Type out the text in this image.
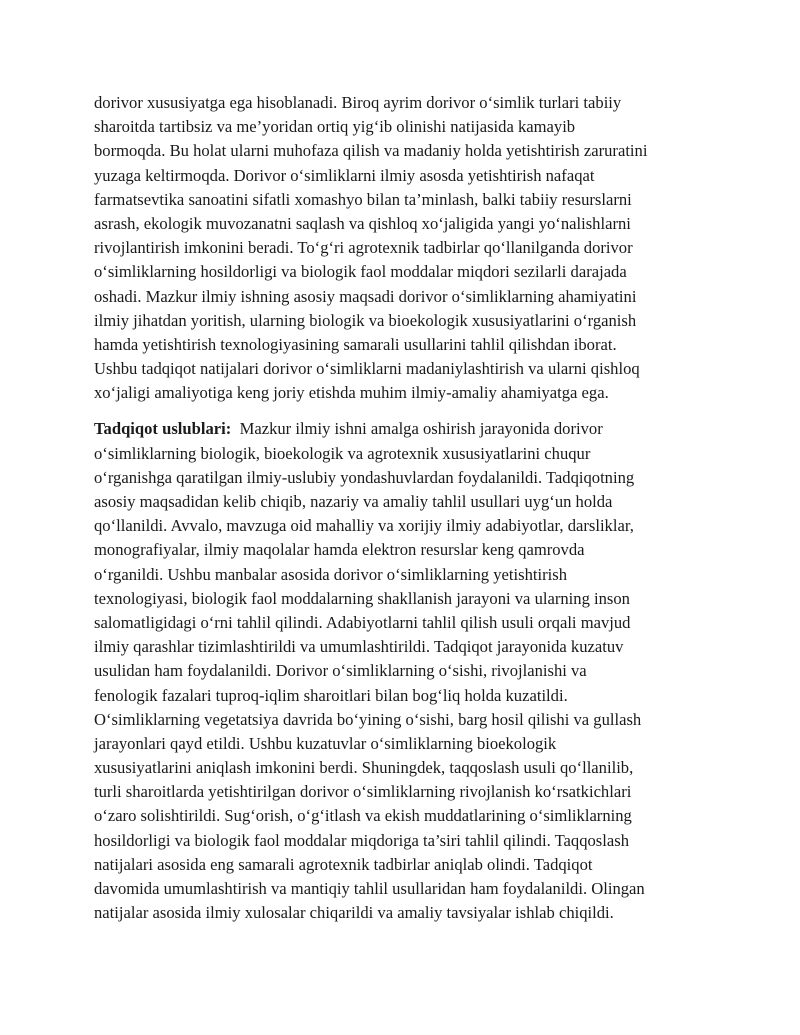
dorivor xususiyatga ega hisoblanadi. Biroq ayrim dorivor o‘simlik turlari tabiiy
sharoitda tartibsiz va me’yoridan ortiq yig‘ib olinishi natijasida kamayib
bormoqda. Bu holat ularni muhofaza qilish va madaniy holda yetishtirish zaruratini
yuzaga keltirmoqda. Dorivor o‘simliklarni ilmiy asosda yetishtirish nafaqat
farmatsevtika sanoatini sifatli xomashyo bilan ta’minlash, balki tabiiy resurslarni
asrash, ekologik muvozanatni saqlash va qishloq xo‘jaligida yangi yo‘nalishlarni
rivojlantirish imkonini beradi. To‘g‘ri agrotexnik tadbirlar qo‘llanilganda dorivor
o‘simliklarning hosildorligi va biologik faol moddalar miqdori sezilarli darajada
oshadi. Mazkur ilmiy ishning asosiy maqsadi dorivor o‘simliklarning ahamiyatini
ilmiy jihatdan yoritish, ularning biologik va bioekologik xususiyatlarini o‘rganish
hamda yetishtirish texnologiyasining samarali usullarini tahlil qilishdan iborat.
Ushbu tadqiqot natijalari dorivor o‘simliklarni madaniylashtirish va ularni qishloq
xo‘jaligi amaliyotiga keng joriy etishda muhim ilmiy-amaliy ahamiyatga ega.
Tadqiqot uslublari: Mazkur ilmiy ishni amalga oshirish jarayonida dorivor
o‘simliklarning biologik, bioekologik va agrotexnik xususiyatlarini chuqur
o‘rganishga qaratilgan ilmiy-uslubiy yondashuvlardan foydalanildi. Tadqiqotning
asosiy maqsadidan kelib chiqib, nazariy va amaliy tahlil usullari uyg‘un holda
qo‘llanildi. Avvalo, mavzuga oid mahalliy va xorijiy ilmiy adabiyotlar, darsliklar,
monografiyalar, ilmiy maqolalar hamda elektron resurslar keng qamrovda
o‘rganildi. Ushbu manbalar asosida dorivor o‘simliklarning yetishtirish
texnologiyasi, biologik faol moddalarning shakllanish jarayoni va ularning inson
salomatligidagi o‘rni tahlil qilindi. Adabiyotlarni tahlil qilish usuli orqali mavjud
ilmiy qarashlar tizimlashtirildi va umumlashtirildi. Tadqiqot jarayonida kuzatuv
usulidan ham foydalanildi. Dorivor o‘simliklarning o‘sishi, rivojlanishi va
fenologik fazalari tuproq-iqlim sharoitlari bilan bog‘liq holda kuzatildi.
O‘simliklarning vegetatsiya davrida bo‘yining o‘sishi, barg hosil qilishi va gullash
jarayonlari qayd etildi. Ushbu kuzatuvlar o‘simliklarning bioekologik
xususiyatlarini aniqlash imkonini berdi. Shuningdek, taqqoslash usuli qo‘llanilib,
turli sharoitlarda yetishtirilgan dorivor o‘simliklarning rivojlanish ko‘rsatkichlari
o‘zaro solishtirildi. Sug‘orish, o‘g‘itlash va ekish muddatlarining o‘simliklarning
hosildorligi va biologik faol moddalar miqdoriga ta’siri tahlil qilindi. Taqqoslash
natijalari asosida eng samarali agrotexnik tadbirlar aniqlab olindi. Tadqiqot
davomida umumlashtirish va mantiqiy tahlil usullaridan ham foydalanildi. Olingan
natijalar asosida ilmiy xulosalar chiqarildi va amaliy tavsiyalar ishlab chiqildi.
